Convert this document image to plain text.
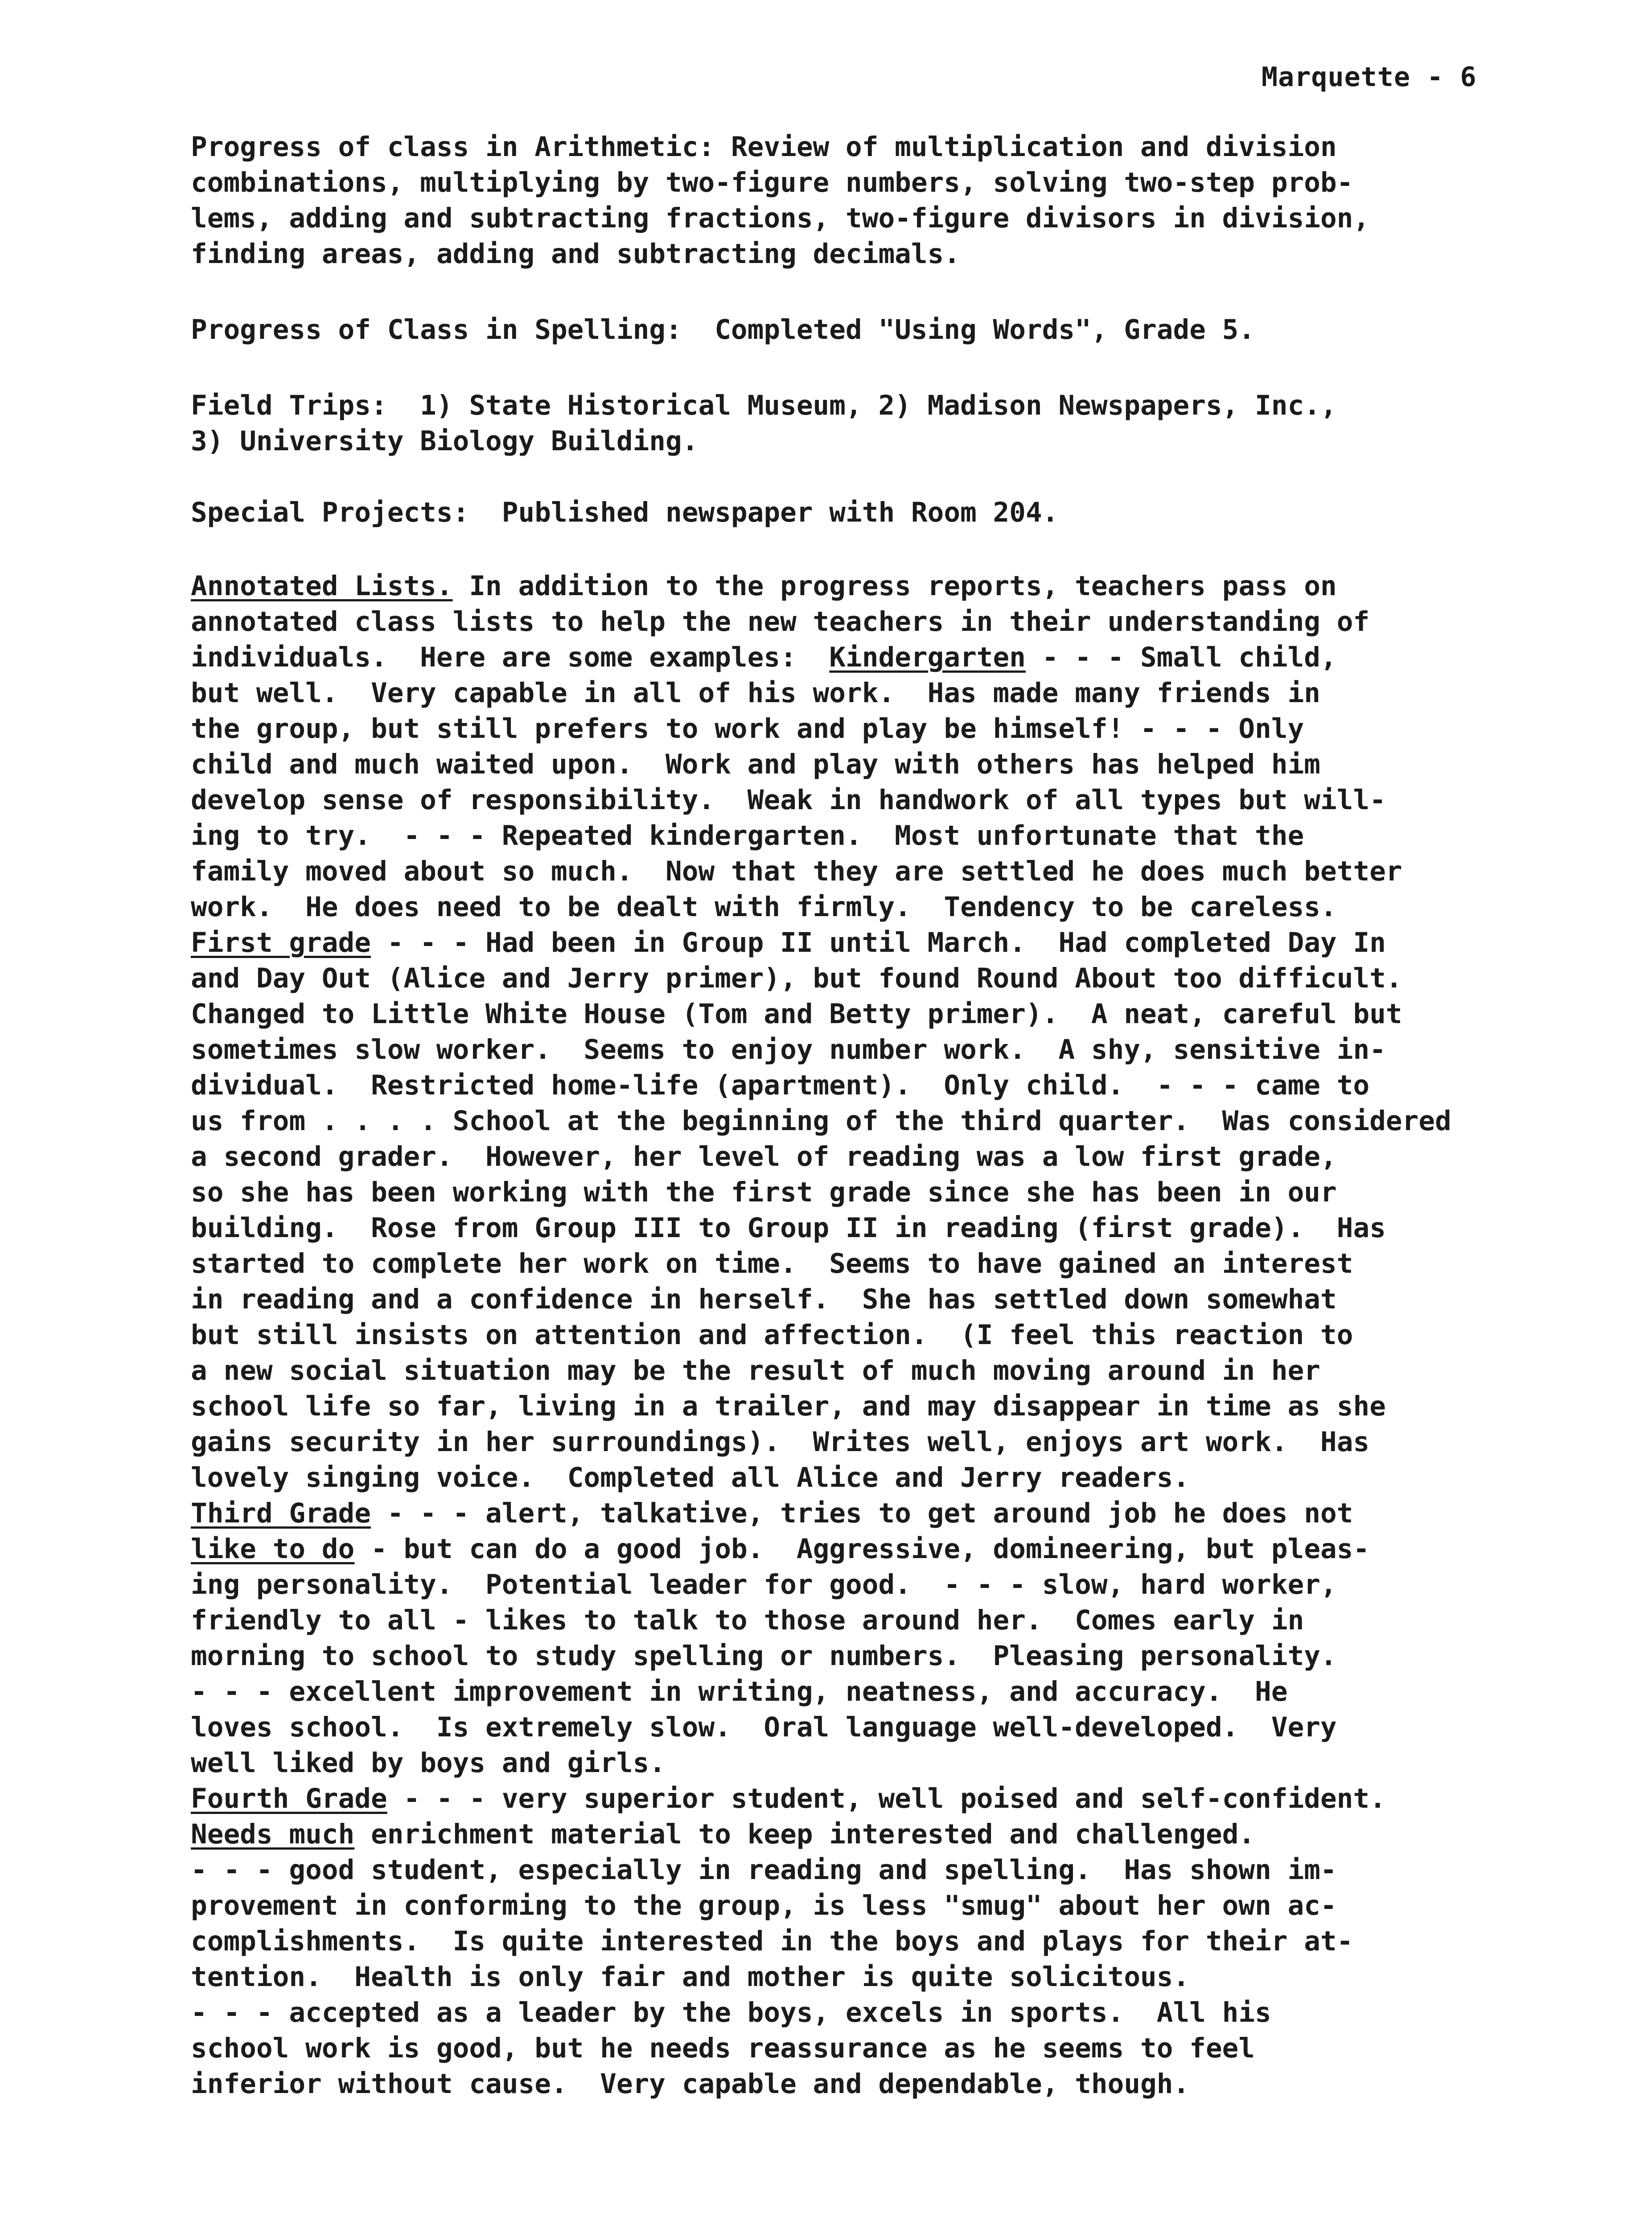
Marquette - 6
Progress of class in Arithmetic: Review of multiplication and division
combinations, multiplying by two-figure numbers, solving two-step prob-
lems, adding and subtracting fractions, two-figure divisors in division,
finding areas, adding and subtracting decimals.
Progress of Class in Spelling:  Completed "Using Words", Grade 5.
Field Trips:  1) State Historical Museum, 2) Madison Newspapers, Inc.,
3) University Biology Building.
Special Projects:  Published newspaper with Room 204.
Annotated Lists. In addition to the progress reports, teachers pass on
annotated class lists to help the new teachers in their understanding of
individuals.  Here are some examples:  Kindergarten - - - Small child,
but well.  Very capable in all of his work.  Has made many friends in
the group, but still prefers to work and play be himself! - - - Only
child and much waited upon.  Work and play with others has helped him
develop sense of responsibility.  Weak in handwork of all types but will-
ing to try.  - - - Repeated kindergarten.  Most unfortunate that the
family moved about so much.  Now that they are settled he does much better
work.  He does need to be dealt with firmly.  Tendency to be careless.
First grade - - - Had been in Group II until March.  Had completed Day In
and Day Out (Alice and Jerry primer), but found Round About too difficult.
Changed to Little White House (Tom and Betty primer).  A neat, careful but
sometimes slow worker.  Seems to enjoy number work.  A shy, sensitive in-
dividual.  Restricted home-life (apartment).  Only child.  - - - came to
us from . . . . School at the beginning of the third quarter.  Was considered
a second grader.  However, her level of reading was a low first grade,
so she has been working with the first grade since she has been in our
building.  Rose from Group III to Group II in reading (first grade).  Has
started to complete her work on time.  Seems to have gained an interest
in reading and a confidence in herself.  She has settled down somewhat
but still insists on attention and affection.  (I feel this reaction to
a new social situation may be the result of much moving around in her
school life so far, living in a trailer, and may disappear in time as she
gains security in her surroundings).  Writes well, enjoys art work.  Has
lovely singing voice.  Completed all Alice and Jerry readers.
Third Grade - - - alert, talkative, tries to get around job he does not
like to do - but can do a good job.  Aggressive, domineering, but pleas-
ing personality.  Potential leader for good.  - - - slow, hard worker,
friendly to all - likes to talk to those around her.  Comes early in
morning to school to study spelling or numbers.  Pleasing personality.
- - - excellent improvement in writing, neatness, and accuracy.  He
loves school.  Is extremely slow.  Oral language well-developed.  Very
well liked by boys and girls.
Fourth Grade - - - very superior student, well poised and self-confident.
Needs much enrichment material to keep interested and challenged.
- - - good student, especially in reading and spelling.  Has shown im-
provement in conforming to the group, is less "smug" about her own ac-
complishments.  Is quite interested in the boys and plays for their at-
tention.  Health is only fair and mother is quite solicitous.
- - - accepted as a leader by the boys, excels in sports.  All his
school work is good, but he needs reassurance as he seems to feel
inferior without cause.  Very capable and dependable, though.
